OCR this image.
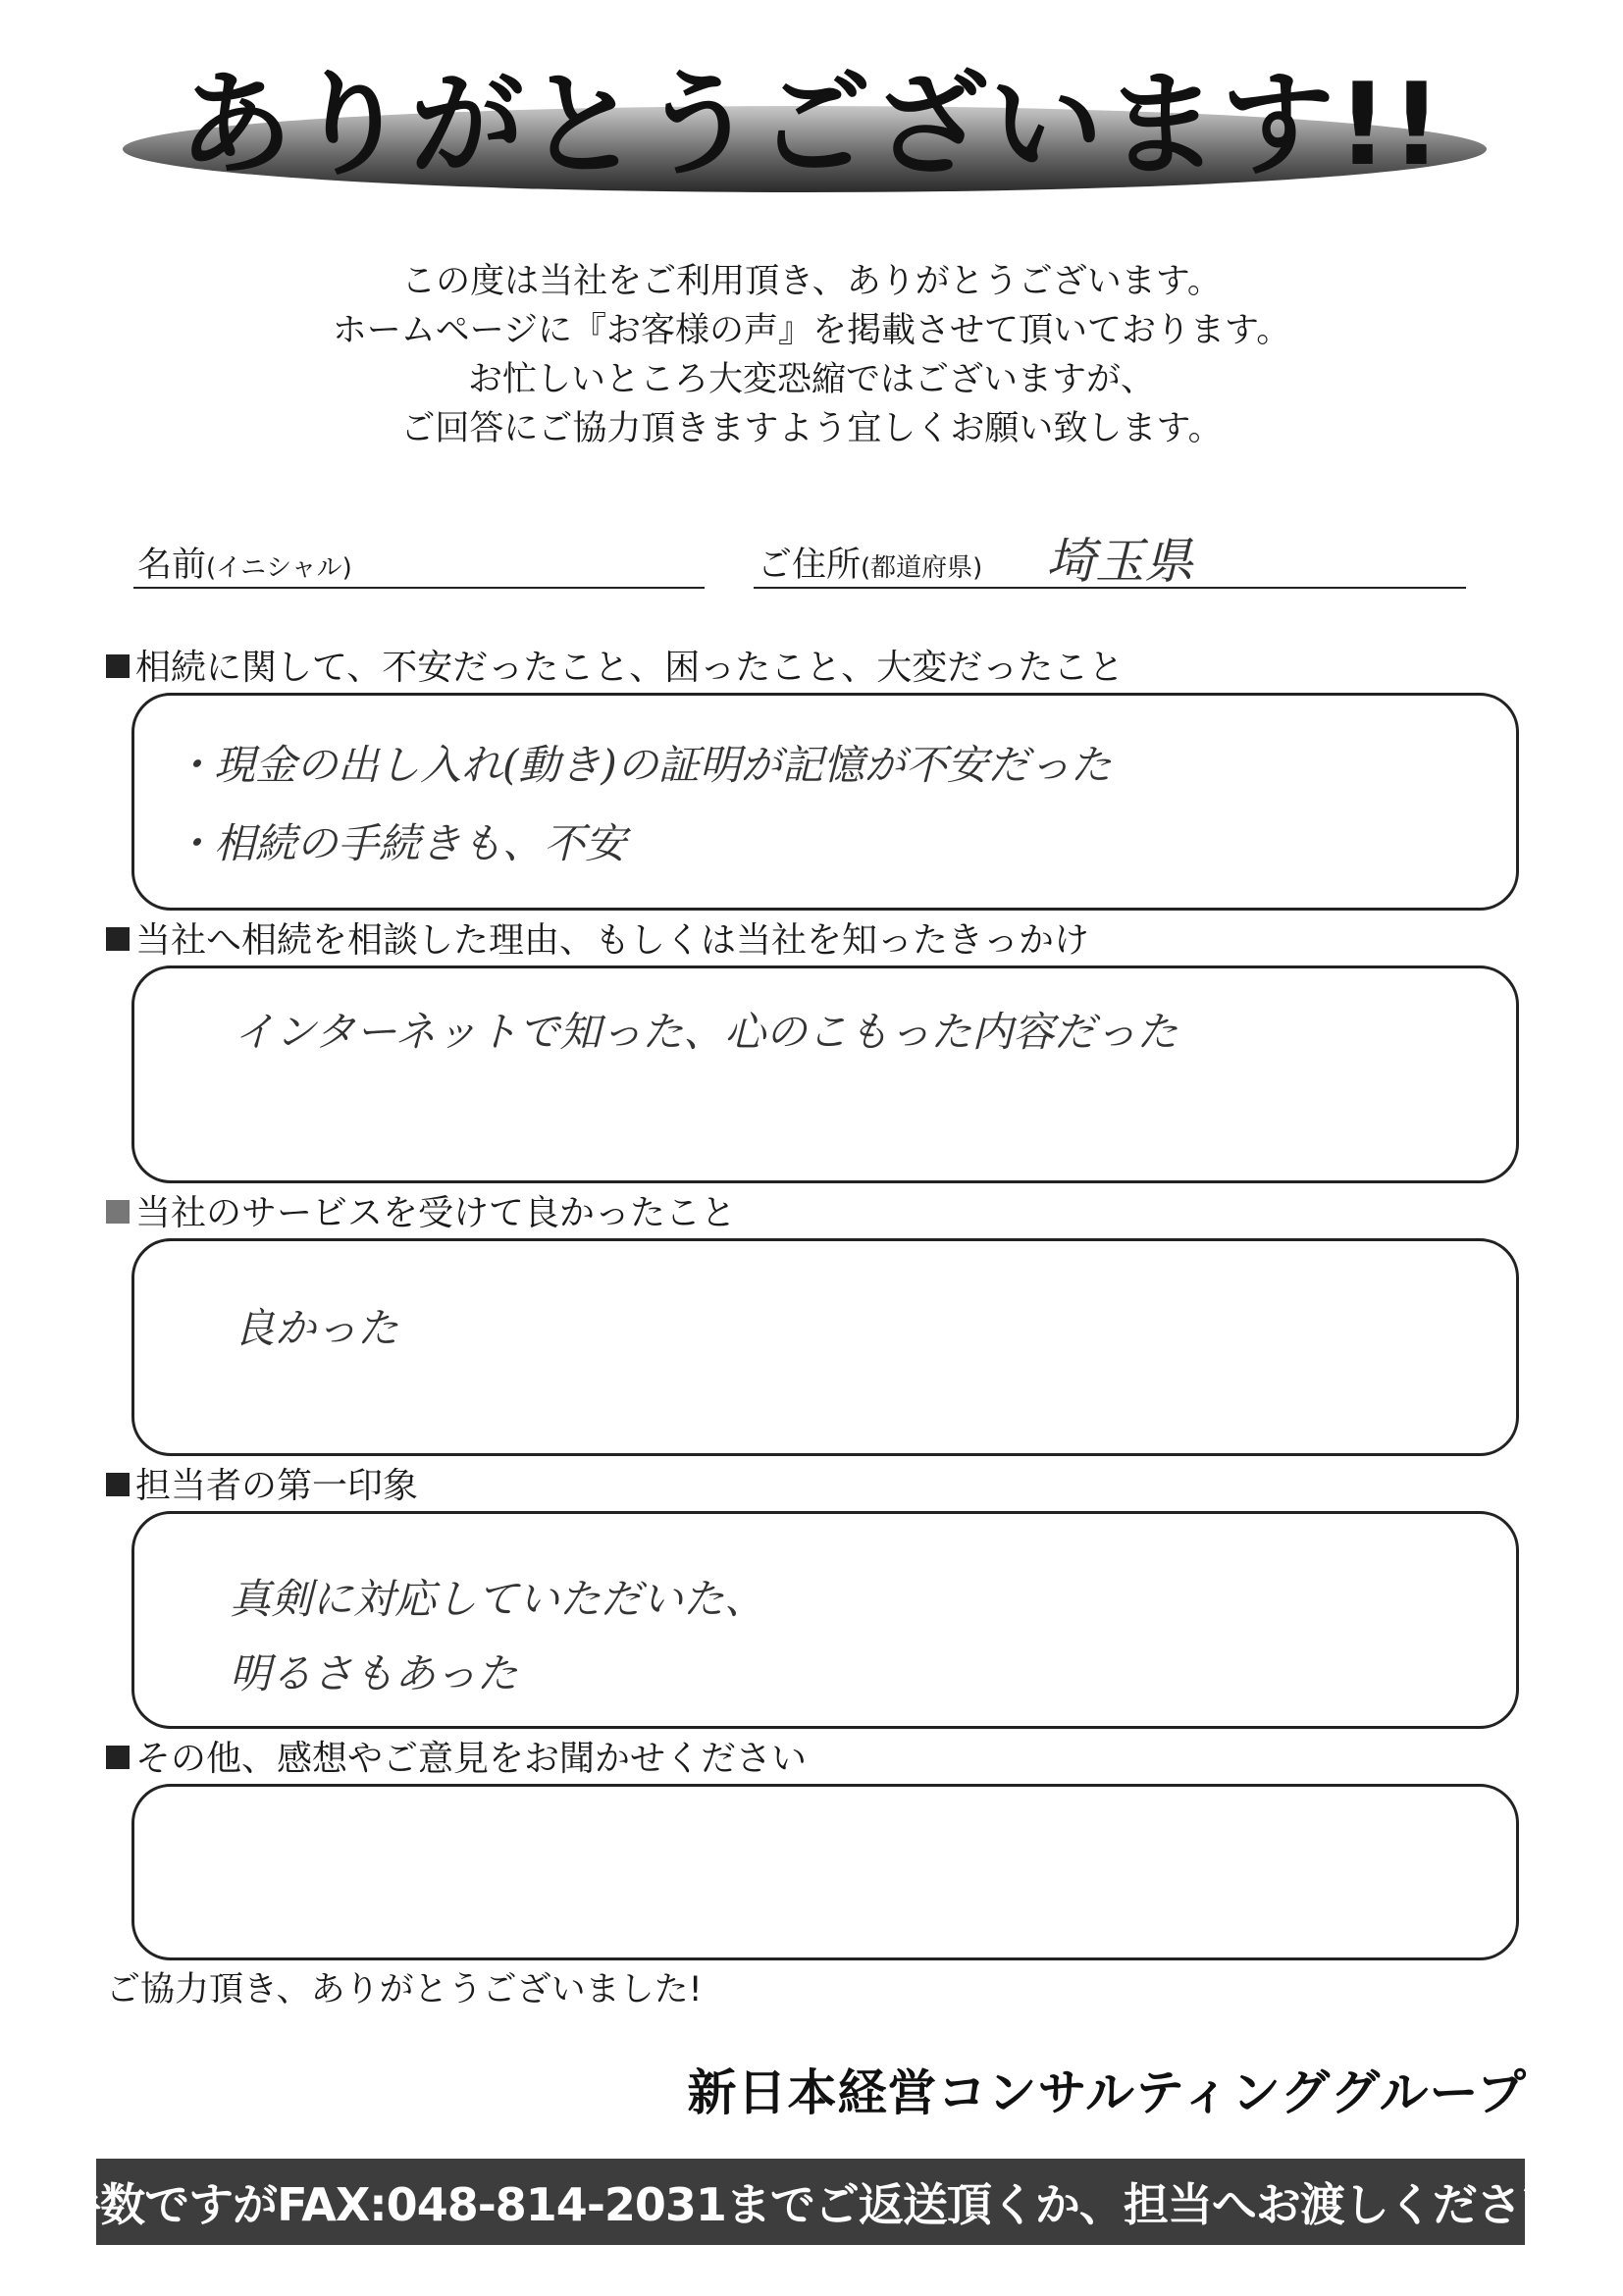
ありがとうございます!!
この度は当社をご利用頂き、ありがとうございます。
ホームページに『お客様の声』を掲載させて頂いております。
お忙しいところ大変恐縮ではございますが、
ご回答にご協力頂きますよう宜しくお願い致します。
名前(イニシャル)	ご住所(都道府県) 埼玉県
相続に関して、不安だったこと、困ったこと、大変だったこと
・現金の出し入れ(動き)の証明が記憶が不安だった
・相続の手続きも、不安
当社へ相続を相談した理由、もしくは当社を知ったきっかけ
インターネットで知った、心のこもった内容だった
当社のサービスを受けて良かったこと
良かった
担当者の第一印象
真剣に対応していただいた、
明るさもあった
その他、感想やご意見をお聞かせください
ご協力頂き、ありがとうございました!
新日本経営コンサルティンググループ
お手数ですがFAX:048-814-2031までご返送頂くか、担当へお渡しください。
